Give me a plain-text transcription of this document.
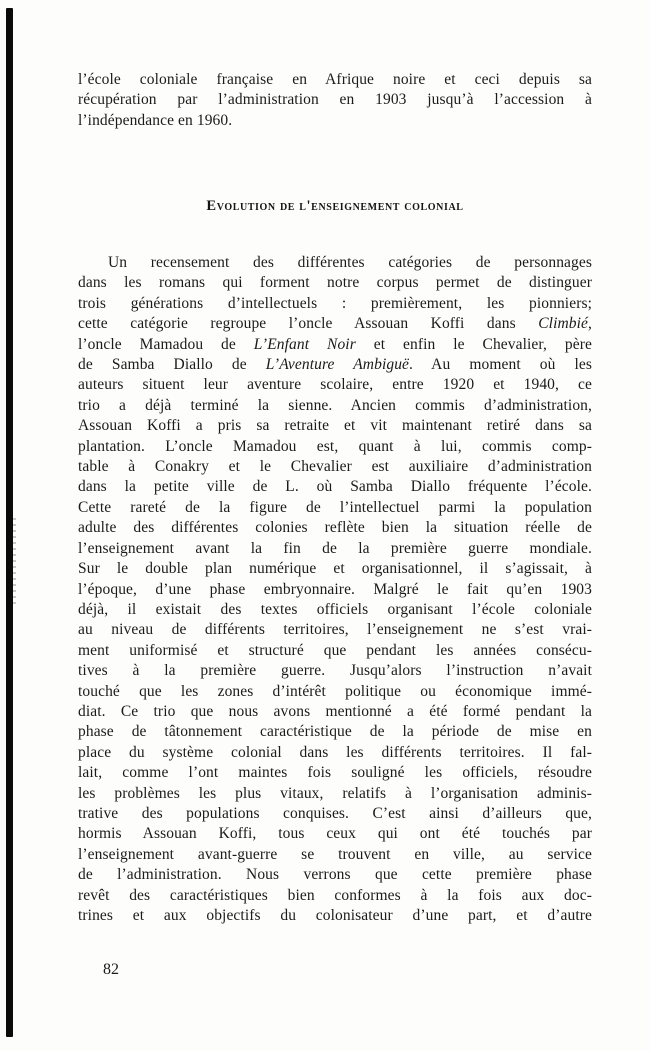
l’école coloniale française en Afrique noire et ceci depuis sa
récupération par l’administration en 1903 jusqu’à l’accession à
l’indépendance en 1960.
Evolution de l'enseignement colonial
Un recensement des différentes catégories de personnages
dans les romans qui forment notre corpus permet de distinguer
trois générations d’intellectuels : premièrement, les pionniers;
cette catégorie regroupe l’oncle Assouan Koffi dans Climbié,
l’oncle Mamadou de L’Enfant Noir et enfin le Chevalier, père
de Samba Diallo de L’Aventure Ambiguë. Au moment où les
auteurs situent leur aventure scolaire, entre 1920 et 1940, ce
trio a déjà terminé la sienne. Ancien commis d’administration,
Assouan Koffi a pris sa retraite et vit maintenant retiré dans sa
plantation. L’oncle Mamadou est, quant à lui, commis comp-
table à Conakry et le Chevalier est auxiliaire d’administration
dans la petite ville de L. où Samba Diallo fréquente l’école.
Cette rareté de la figure de l’intellectuel parmi la population
adulte des différentes colonies reflète bien la situation réelle de
l’enseignement avant la fin de la première guerre mondiale.
Sur le double plan numérique et organisationnel, il s’agissait, à
l’époque, d’une phase embryonnaire. Malgré le fait qu’en 1903
déjà, il existait des textes officiels organisant l’école coloniale
au niveau de différents territoires, l’enseignement ne s’est vrai-
ment uniformisé et structuré que pendant les années consécu-
tives à la première guerre. Jusqu’alors l’instruction n’avait
touché que les zones d’intérêt politique ou économique immé-
diat. Ce trio que nous avons mentionné a été formé pendant la
phase de tâtonnement caractéristique de la période de mise en
place du système colonial dans les différents territoires. Il fal-
lait, comme l’ont maintes fois souligné les officiels, résoudre
les problèmes les plus vitaux, relatifs à l’organisation adminis-
trative des populations conquises. C’est ainsi d’ailleurs que,
hormis Assouan Koffi, tous ceux qui ont été touchés par
l’enseignement avant-guerre se trouvent en ville, au service
de l’administration. Nous verrons que cette première phase
revêt des caractéristiques bien conformes à la fois aux doc-
trines et aux objectifs du colonisateur d’une part, et d’autre
82
